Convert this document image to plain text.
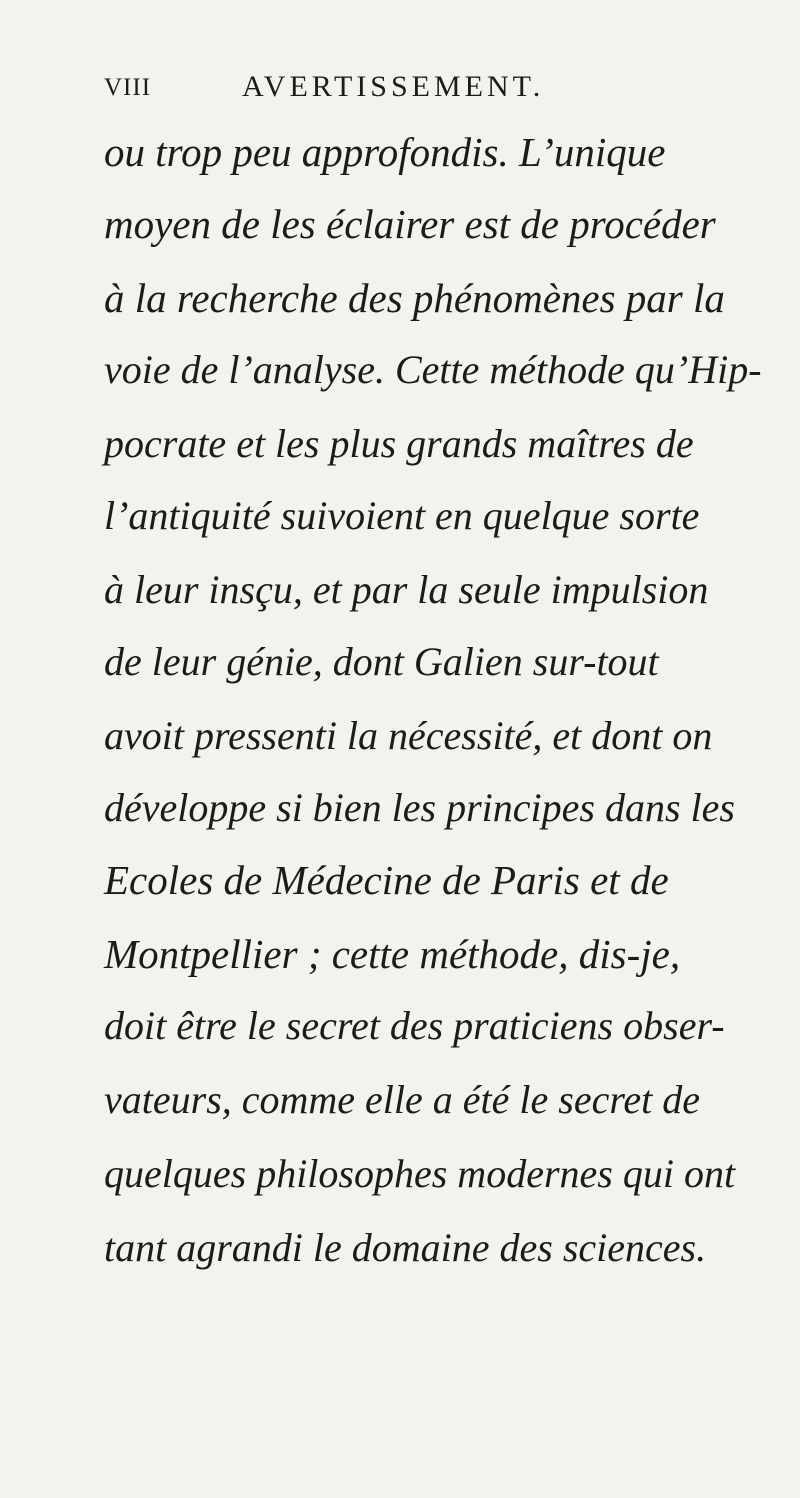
VIII	AVERTISSEMENT.
ou trop peu approfondis. L’unique
moyen de les éclairer est de procéder
à la recherche des phénomènes par la
voie de l’analyse. Cette méthode qu’Hip-
pocrate et les plus grands maîtres de
l’antiquité suivoient en quelque sorte
à leur insçu, et par la seule impulsion
de leur génie, dont Galien sur-tout
avoit pressenti la nécessité, et dont on
développe si bien les principes dans les
Ecoles de Médecine de Paris et de
Montpellier ; cette méthode, dis-je,
doit être le secret des praticiens obser-
vateurs, comme elle a été le secret de
quelques philosophes modernes qui ont
tant agrandi le domaine des sciences.
